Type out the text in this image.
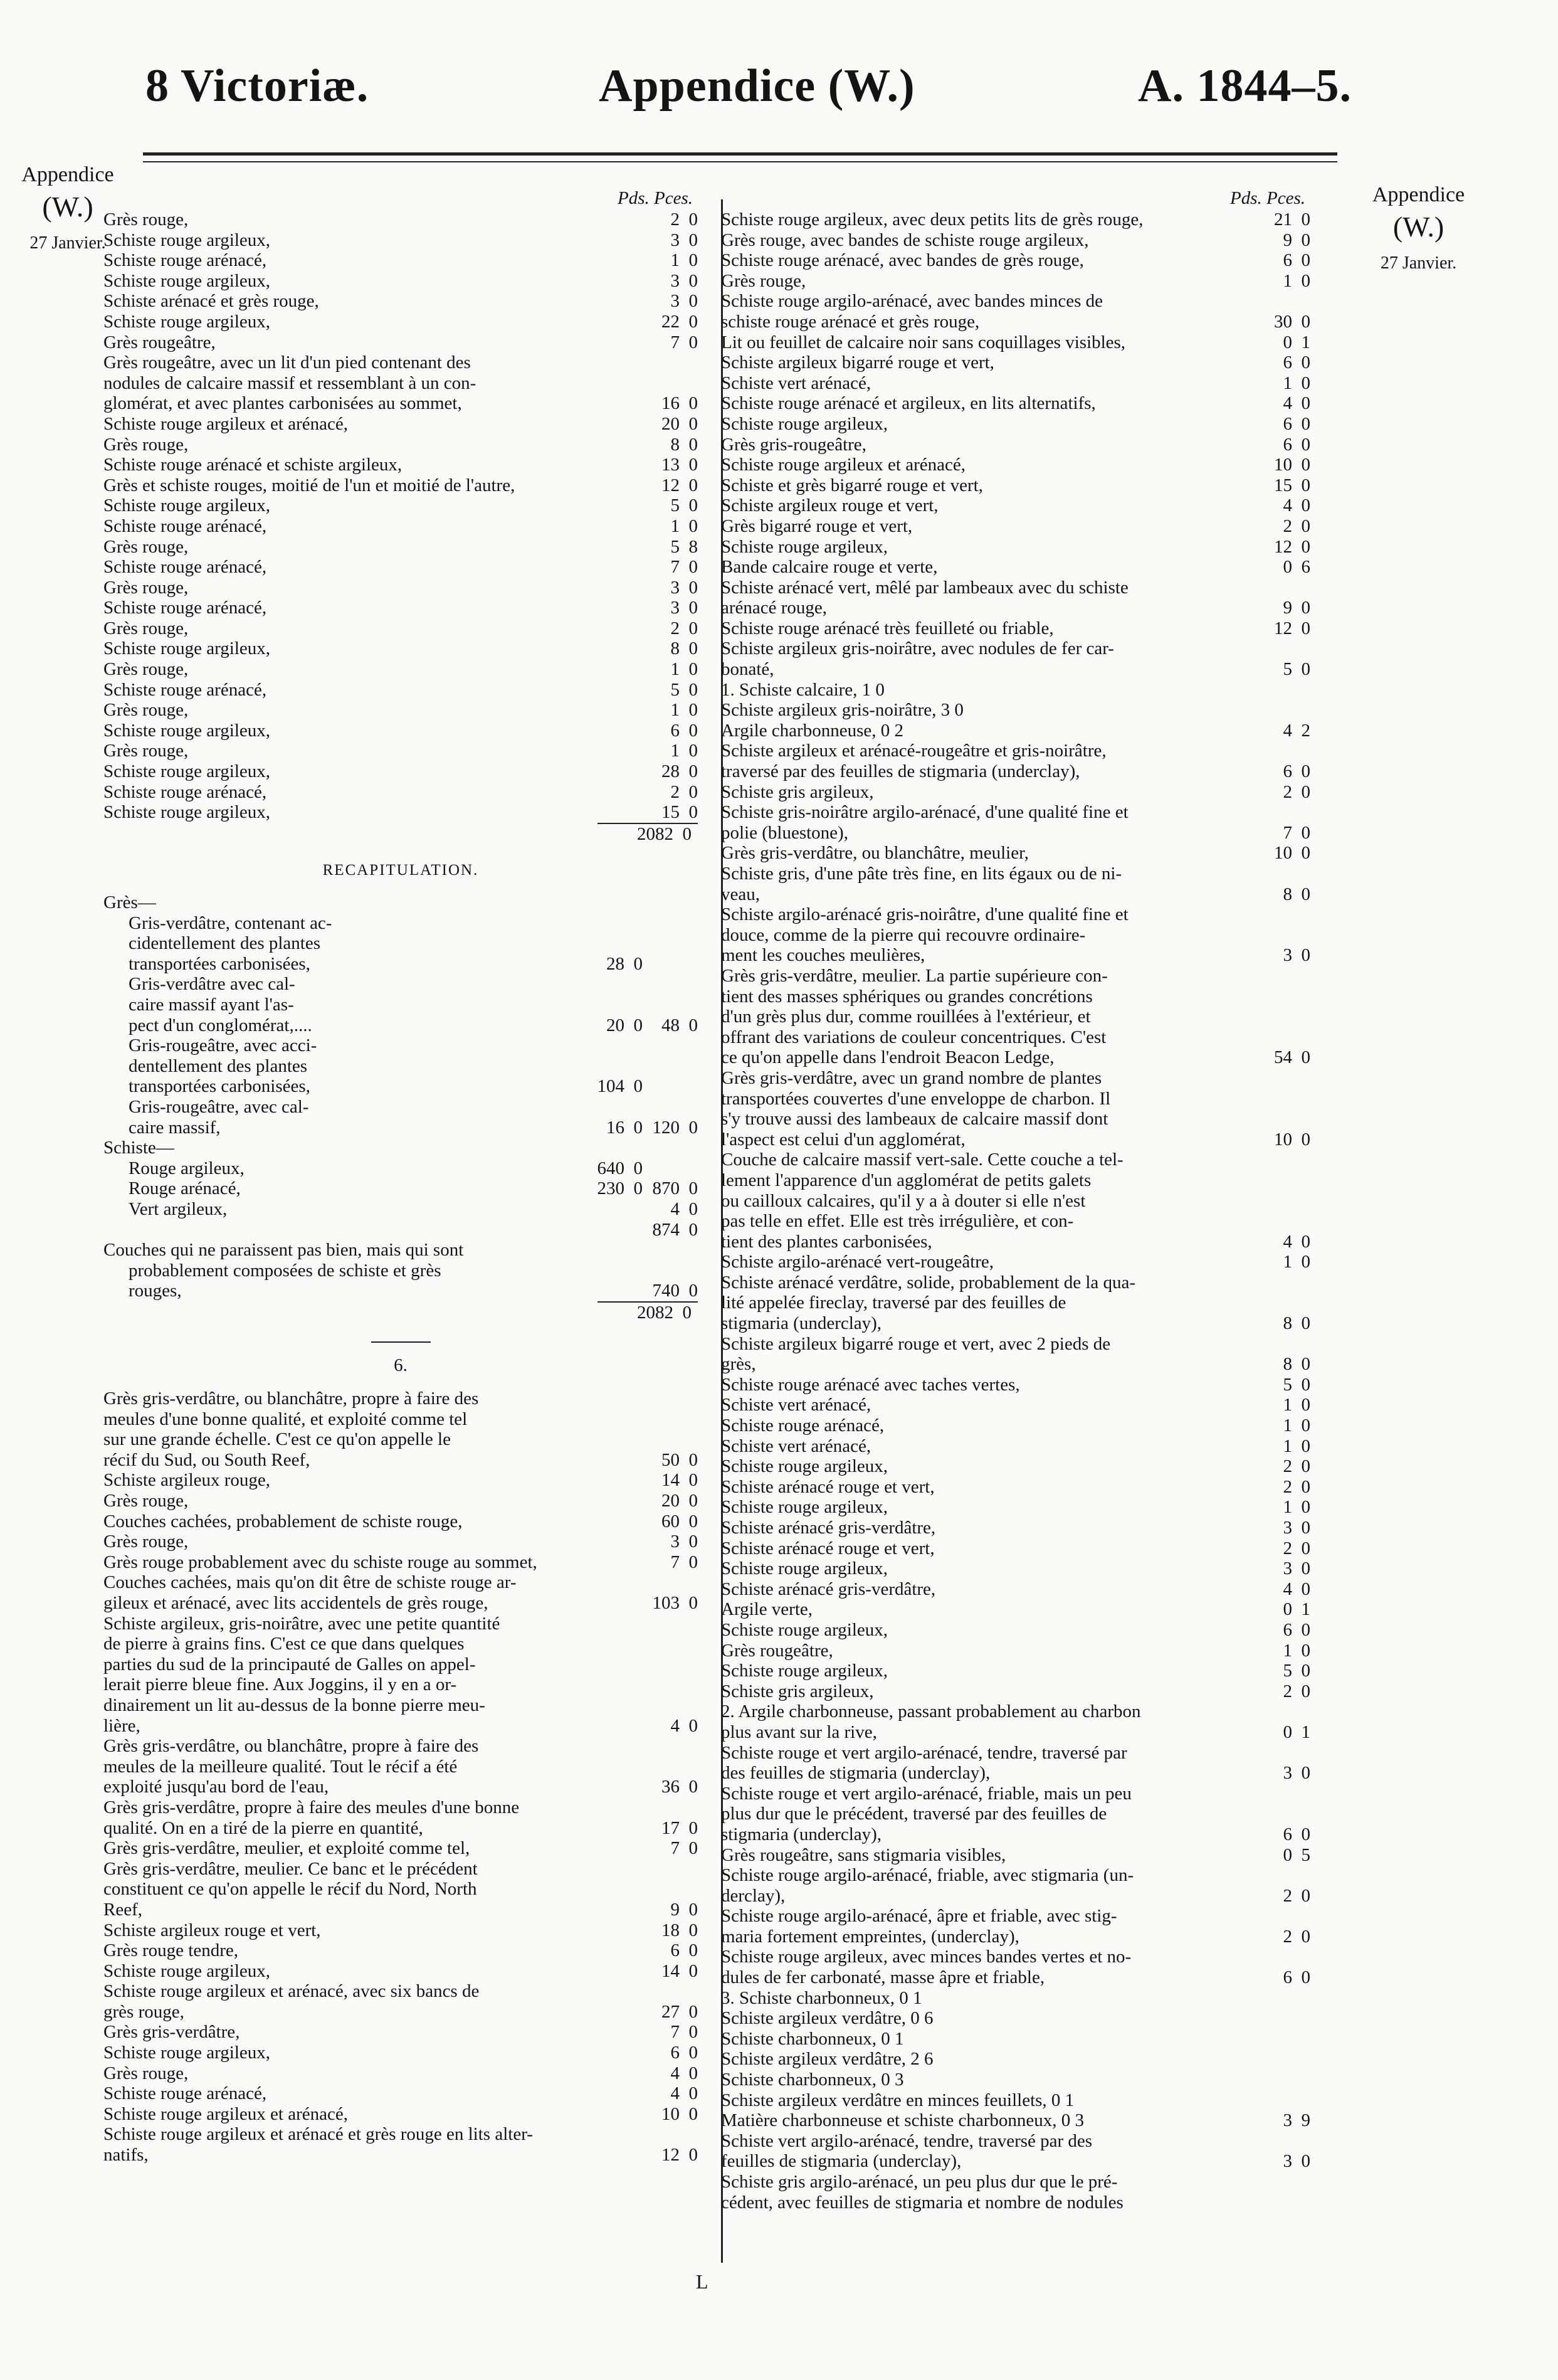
8 Victoriæ.	Appendice (W.)	A. 1844–5.
Appendice
(W.)
27 Janvier.
Appendice
(W.)
27 Janvier.
Pds. Pces.
Grès rouge,	2  0
Schiste rouge argileux,	3  0
Schiste rouge arénacé,	1  0
Schiste rouge argileux,	3  0
Schiste arénacé et grès rouge,	3  0
Schiste rouge argileux,	22  0
Grès rougeâtre,	7  0
Grès rougeâtre, avec un lit d'un pied contenant des
nodules de calcaire massif et ressemblant à un con-
glomérat, et avec plantes carbonisées au sommet,	16  0
Schiste rouge argileux et arénacé,	20  0
Grès rouge,	8  0
Schiste rouge arénacé et schiste argileux,	13  0
Grès et schiste rouges, moitié de l'un et moitié de l'autre,	12  0
Schiste rouge argileux,	5  0
Schiste rouge arénacé,	1  0
Grès rouge,	5  8
Schiste rouge arénacé,	7  0
Grès rouge,	3  0
Schiste rouge arénacé,	3  0
Grès rouge,	2  0
Schiste rouge argileux,	8  0
Grès rouge,	1  0
Schiste rouge arénacé,	5  0
Grès rouge,	1  0
Schiste rouge argileux,	6  0
Grès rouge,	1  0
Schiste rouge argileux,	28  0
Schiste rouge arénacé,	2  0
Schiste rouge argileux,	15  0
2082  0
RECAPITULATION.
Grès—
Gris-verdâtre, contenant ac-
cidentellement des plantes
transportées carbonisées,	28  0
Gris-verdâtre avec cal-
caire massif ayant l'as-
pect d'un conglomérat,....	20  0	48  0
Gris-rougeâtre, avec acci-
dentellement des plantes
transportées carbonisées,	104  0
Gris-rougeâtre, avec cal-
caire massif,	16  0 120  0
Schiste—
Rouge argileux,	640  0
Rouge arénacé,	230  0 870  0
Vert argileux,	4  0
874  0
Couches qui ne paraissent pas bien, mais qui sont
probablement composées de schiste et grès
rouges,	740  0
2082  0
6.
Grès gris-verdâtre, ou blanchâtre, propre à faire des
meules d'une bonne qualité, et exploité comme tel
sur une grande échelle. C'est ce qu'on appelle le
récif du Sud, ou South Reef,	50  0
Schiste argileux rouge,	14  0
Grès rouge,	20  0
Couches cachées, probablement de schiste rouge,	60  0
Grès rouge,	3  0
Grès rouge probablement avec du schiste rouge au sommet,	7  0
Couches cachées, mais qu'on dit être de schiste rouge ar-
gileux et arénacé, avec lits accidentels de grès rouge,	103  0
Schiste argileux, gris-noirâtre, avec une petite quantité
de pierre à grains fins. C'est ce que dans quelques
parties du sud de la principauté de Galles on appel-
lerait pierre bleue fine. Aux Joggins, il y en a or-
dinairement un lit au-dessus de la bonne pierre meu-
lière,	4  0
Grès gris-verdâtre, ou blanchâtre, propre à faire des
meules de la meilleure qualité. Tout le récif a été
exploité jusqu'au bord de l'eau,	36  0
Grès gris-verdâtre, propre à faire des meules d'une bonne
qualité. On en a tiré de la pierre en quantité,	17  0
Grès gris-verdâtre, meulier, et exploité comme tel,	7  0
Grès gris-verdâtre, meulier. Ce banc et le précédent
constituent ce qu'on appelle le récif du Nord, North
Reef,	9  0
Schiste argileux rouge et vert,	18  0
Grès rouge tendre,	6  0
Schiste rouge argileux,	14  0
Schiste rouge argileux et arénacé, avec six bancs de
grès rouge,	27  0
Grès gris-verdâtre,	7  0
Schiste rouge argileux,	6  0
Grès rouge,	4  0
Schiste rouge arénacé,	4  0
Schiste rouge argileux et arénacé,	10  0
Schiste rouge argileux et arénacé et grès rouge en lits alter-
natifs,	12  0
Pds. Pces.
Schiste rouge argileux, avec deux petits lits de grès rouge,	21  0
Grès rouge, avec bandes de schiste rouge argileux,	9  0
Schiste rouge arénacé, avec bandes de grès rouge,	6  0
Grès rouge,	1  0
Schiste rouge argilo-arénacé, avec bandes minces de
schiste rouge arénacé et grès rouge,	30  0
Lit ou feuillet de calcaire noir sans coquillages visibles,	0  1
Schiste argileux bigarré rouge et vert,	6  0
Schiste vert arénacé,	1  0
Schiste rouge arénacé et argileux, en lits alternatifs,	4  0
Schiste rouge argileux,	6  0
Grès gris-rougeâtre,	6  0
Schiste rouge argileux et arénacé,	10  0
Schiste et grès bigarré rouge et vert,	15  0
Schiste argileux rouge et vert,	4  0
Grès bigarré rouge et vert,	2  0
Schiste rouge argileux,	12  0
Bande calcaire rouge et verte,	0  6
Schiste arénacé vert, mêlé par lambeaux avec du schiste
arénacé rouge,	9  0
Schiste rouge arénacé très feuilleté ou friable,	12  0
Schiste argileux gris-noirâtre, avec nodules de fer car-
bonaté,	5  0
1. Schiste calcaire, 1 0
Schiste argileux gris-noirâtre, 3 0
Argile charbonneuse, 0 2	4  2
Schiste argileux et arénacé-rougeâtre et gris-noirâtre,
traversé par des feuilles de stigmaria (underclay),	6  0
Schiste gris argileux,	2  0
Schiste gris-noirâtre argilo-arénacé, d'une qualité fine et
polie (bluestone),	7  0
Grès gris-verdâtre, ou blanchâtre, meulier,	10  0
Schiste gris, d'une pâte très fine, en lits égaux ou de ni-
veau,	8  0
Schiste argilo-arénacé gris-noirâtre, d'une qualité fine et
douce, comme de la pierre qui recouvre ordinaire-
ment les couches meulières,	3  0
Grès gris-verdâtre, meulier. La partie supérieure con-
tient des masses sphériques ou grandes concrétions
d'un grès plus dur, comme rouillées à l'extérieur, et
offrant des variations de couleur concentriques. C'est
ce qu'on appelle dans l'endroit Beacon Ledge,	54  0
Grès gris-verdâtre, avec un grand nombre de plantes
transportées couvertes d'une enveloppe de charbon. Il
s'y trouve aussi des lambeaux de calcaire massif dont
l'aspect est celui d'un agglomérat,	10  0
Couche de calcaire massif vert-sale. Cette couche a tel-
lement l'apparence d'un agglomérat de petits galets
ou cailloux calcaires, qu'il y a à douter si elle n'est
pas telle en effet. Elle est très irrégulière, et con-
tient des plantes carbonisées,	4  0
Schiste argilo-arénacé vert-rougeâtre,	1  0
Schiste arénacé verdâtre, solide, probablement de la qua-
lité appelée fireclay, traversé par des feuilles de
stigmaria (underclay),	8  0
Schiste argileux bigarré rouge et vert, avec 2 pieds de
grès,	8  0
Schiste rouge arénacé avec taches vertes,	5  0
Schiste vert arénacé,	1  0
Schiste rouge arénacé,	1  0
Schiste vert arénacé,	1  0
Schiste rouge argileux,	2  0
Schiste arénacé rouge et vert,	2  0
Schiste rouge argileux,	1  0
Schiste arénacé gris-verdâtre,	3  0
Schiste arénacé rouge et vert,	2  0
Schiste rouge argileux,	3  0
Schiste arénacé gris-verdâtre,	4  0
Argile verte,	0  1
Schiste rouge argileux,	6  0
Grès rougeâtre,	1  0
Schiste rouge argileux,	5  0
Schiste gris argileux,	2  0
2. Argile charbonneuse, passant probablement au charbon
plus avant sur la rive,	0  1
Schiste rouge et vert argilo-arénacé, tendre, traversé par
des feuilles de stigmaria (underclay),	3  0
Schiste rouge et vert argilo-arénacé, friable, mais un peu
plus dur que le précédent, traversé par des feuilles de
stigmaria (underclay),	6  0
Grès rougeâtre, sans stigmaria visibles,	0  5
Schiste rouge argilo-arénacé, friable, avec stigmaria (un-
derclay),	2  0
Schiste rouge argilo-arénacé, âpre et friable, avec stig-
maria fortement empreintes, (underclay),	2  0
Schiste rouge argileux, avec minces bandes vertes et no-
dules de fer carbonaté, masse âpre et friable,	6  0
3. Schiste charbonneux, 0 1
Schiste argileux verdâtre, 0 6
Schiste charbonneux, 0 1
Schiste argileux verdâtre, 2 6
Schiste charbonneux, 0 3
Schiste argileux verdâtre en minces feuillets, 0 1
Matière charbonneuse et schiste charbonneux, 0 3	3  9
Schiste vert argilo-arénacé, tendre, traversé par des
feuilles de stigmaria (underclay),	3  0
Schiste gris argilo-arénacé, un peu plus dur que le pré-
cédent, avec feuilles de stigmaria et nombre de nodules
L
